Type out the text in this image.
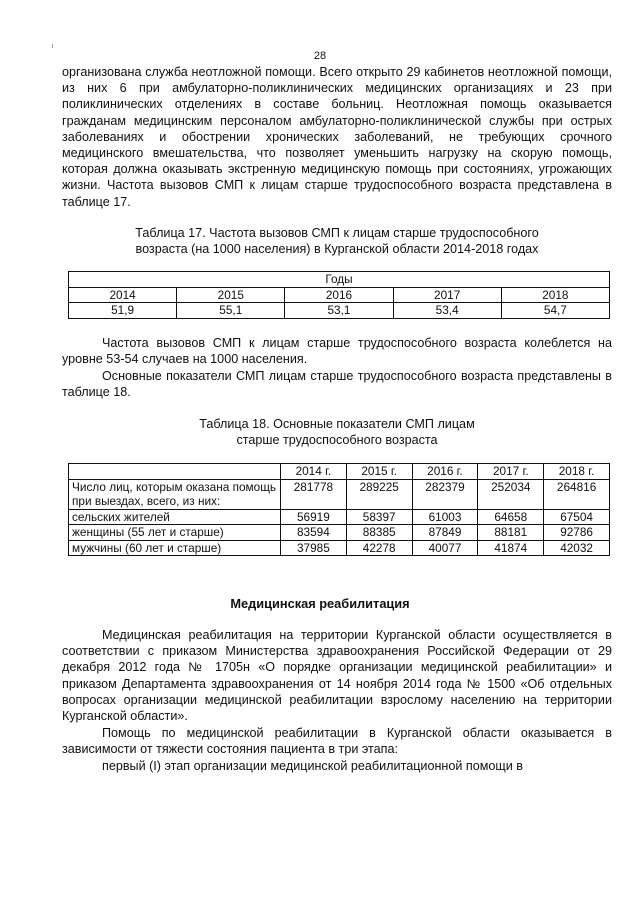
28

организована служба неотложной помощи. Всего открыто 29 кабинетов неотложной помощи, из них 6 при амбулаторно-поликлинических медицинских организациях и 23 при поликлинических отделениях в составе больниц. Неотложная помощь оказывается гражданам медицинским персоналом амбулаторно-поликлинической службы при острых заболеваниях и обострении хронических заболеваний, не требующих срочного медицинского вмешательства, что позволяет уменьшить нагрузку на скорую помощь, которая должна оказывать экстренную медицинскую помощь при состояниях, угрожающих жизни. Частота вызовов СМП к лицам старше трудоспособного возраста представлена в таблице 17.

Таблица 17. Частота вызовов СМП к лицам старше трудоспособного
возраста (на 1000 населения) в Курганской области 2014-2018 годах
Годы				
2014	2015	2016	2017	2018
51,9	55,1	53,1	53,4	54,7

Частота вызовов СМП к лицам старше трудоспособного возраста колеблется на уровне 53-54 случаев на 1000 населения.

Основные показатели СМП лицам старше трудоспособного возраста представлены в таблице 18.

Таблица 18. Основные показатели СМП лицам
старше трудоспособного возраста
	2014 г.	2015 г.	2016 г.	2017 г.	2018 г.
Число лиц, которым оказана помощь при выездах, всего, из них:	281778	289225	282379	252034	264816
сельских жителей	56919	58397	61003	64658	67504
женщины (55 лет и старше)	83594	88385	87849	88181	92786
мужчины (60 лет и старше)	37985	42278	40077	41874	42032
Медицинская реабилитация

Медицинская реабилитация на территории Курганской области осуществляется в соответствии с приказом Министерства здравоохранения Российской Федерации от 29 декабря 2012 года № 1705н «О порядке организации медицинской реабилитации» и приказом Департамента здравоохранения от 14 ноября 2014 года № 1500 «Об отдельных вопросах организации медицинской реабилитации взрослому населению на территории Курганской области».

Помощь по медицинской реабилитации в Курганской области оказывается в зависимости от тяжести состояния пациента в три этапа:

первый (I) этап организации медицинской реабилитационной помощи в
